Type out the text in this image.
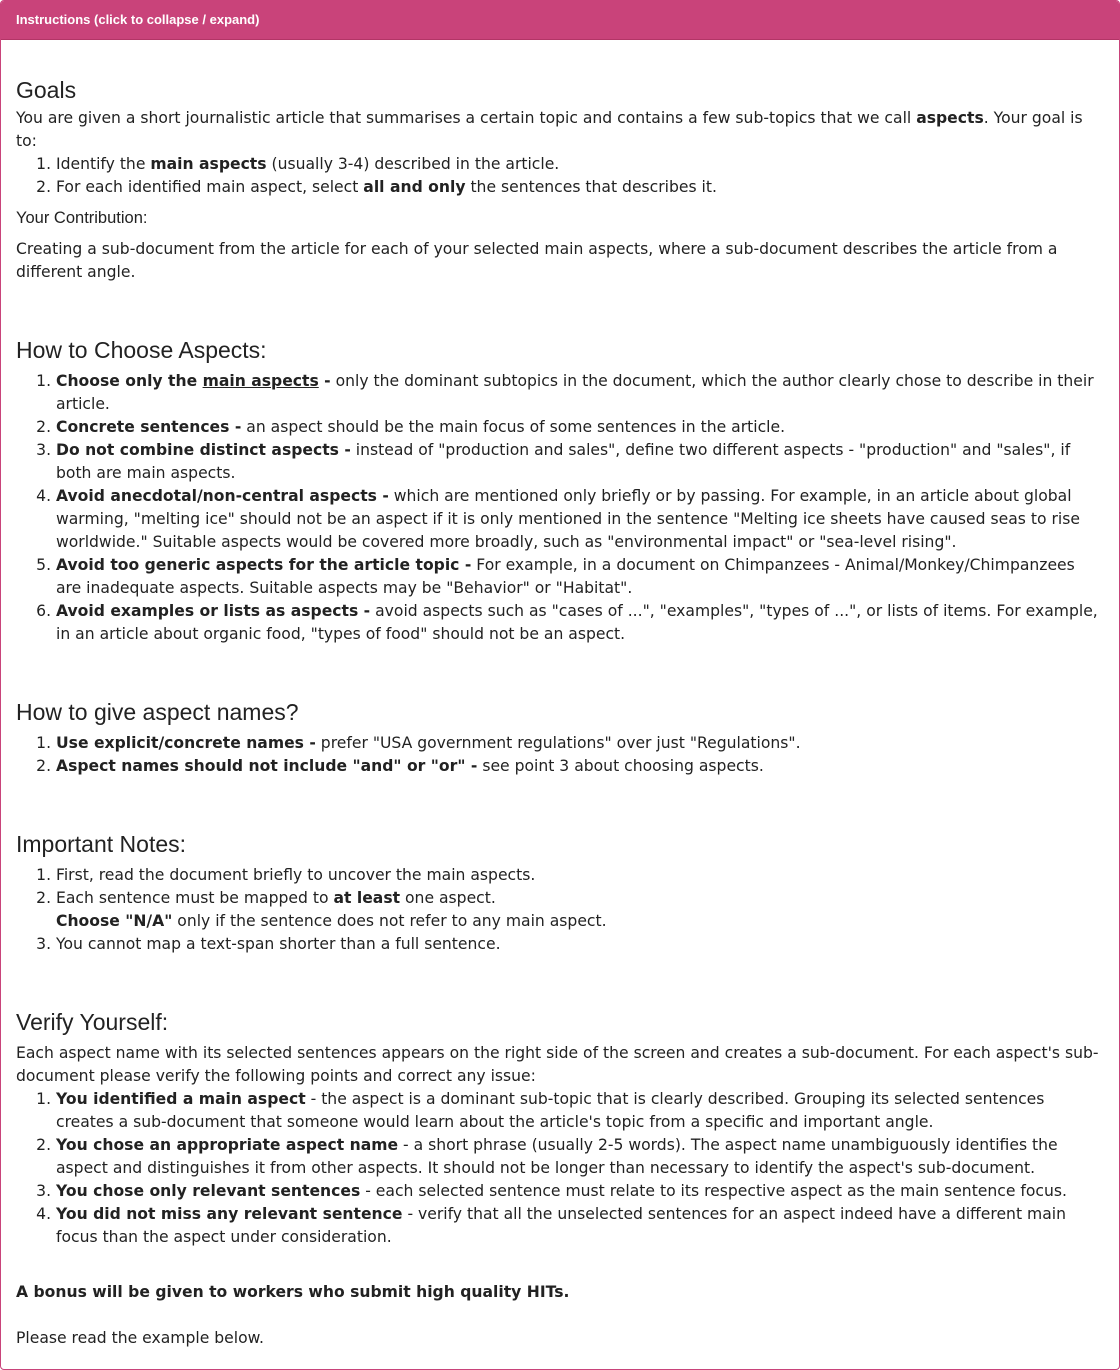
Instructions (click to collapse / expand)
Goals

You are given a short journalistic article that summarises a certain topic and contains a few sub-topics that we call aspects. Your goal is to:

1. Identify the main aspects (usually 3-4) described in the article.
2. For each identified main aspect, select all and only the sentences that describes it.
Your Contribution:

Creating a sub-document from the article for each of your selected main aspects, where a sub-document describes the article from a different angle.

How to Choose Aspects:
1. Choose only the main aspects - only the dominant subtopics in the document, which the author clearly chose to describe in their article.
2. Concrete sentences - an aspect should be the main focus of some sentences in the article.
3. Do not combine distinct aspects - instead of "production and sales", define two different aspects - "production" and "sales", if both are main aspects.
4. Avoid anecdotal/non-central aspects - which are mentioned only briefly or by passing. For example, in an article about global warming, "melting ice" should not be an aspect if it is only mentioned in the sentence "Melting ice sheets have caused seas to rise worldwide." Suitable aspects would be covered more broadly, such as "environmental impact" or "sea-level rising".
5. Avoid too generic aspects for the article topic - For example, in a document on Chimpanzees - Animal/Monkey/Chimpanzees are inadequate aspects. Suitable aspects may be "Behavior" or "Habitat".
6. Avoid examples or lists as aspects - avoid aspects such as "cases of ...", "examples", "types of ...", or lists of items. For example, in an article about organic food, "types of food" should not be an aspect.
How to give aspect names?
1. Use explicit/concrete names - prefer "USA government regulations" over just "Regulations".
2. Aspect names should not include "and" or "or" - see point 3 about choosing aspects.
Important Notes:
1. First, read the document briefly to uncover the main aspects.
2. Each sentence must be mapped to at least one aspect.
Choose "N/A" only if the sentence does not refer to any main aspect.
3. You cannot map a text-span shorter than a full sentence.
Verify Yourself:

Each aspect name with its selected sentences appears on the right side of the screen and creates a sub-document. For each aspect's sub-document please verify the following points and correct any issue:

1. You identified a main aspect - the aspect is a dominant sub-topic that is clearly described. Grouping its selected sentences creates a sub-document that someone would learn about the article's topic from a specific and important angle.
2. You chose an appropriate aspect name - a short phrase (usually 2-5 words). The aspect name unambiguously identifies the aspect and distinguishes it from other aspects. It should not be longer than necessary to identify the aspect's sub-document.
3. You chose only relevant sentences - each selected sentence must relate to its respective aspect as the main sentence focus.
4. You did not miss any relevant sentence - verify that all the unselected sentences for an aspect indeed have a different main focus than the aspect under consideration.

A bonus will be given to workers who submit high quality HITs.

Please read the example below.
